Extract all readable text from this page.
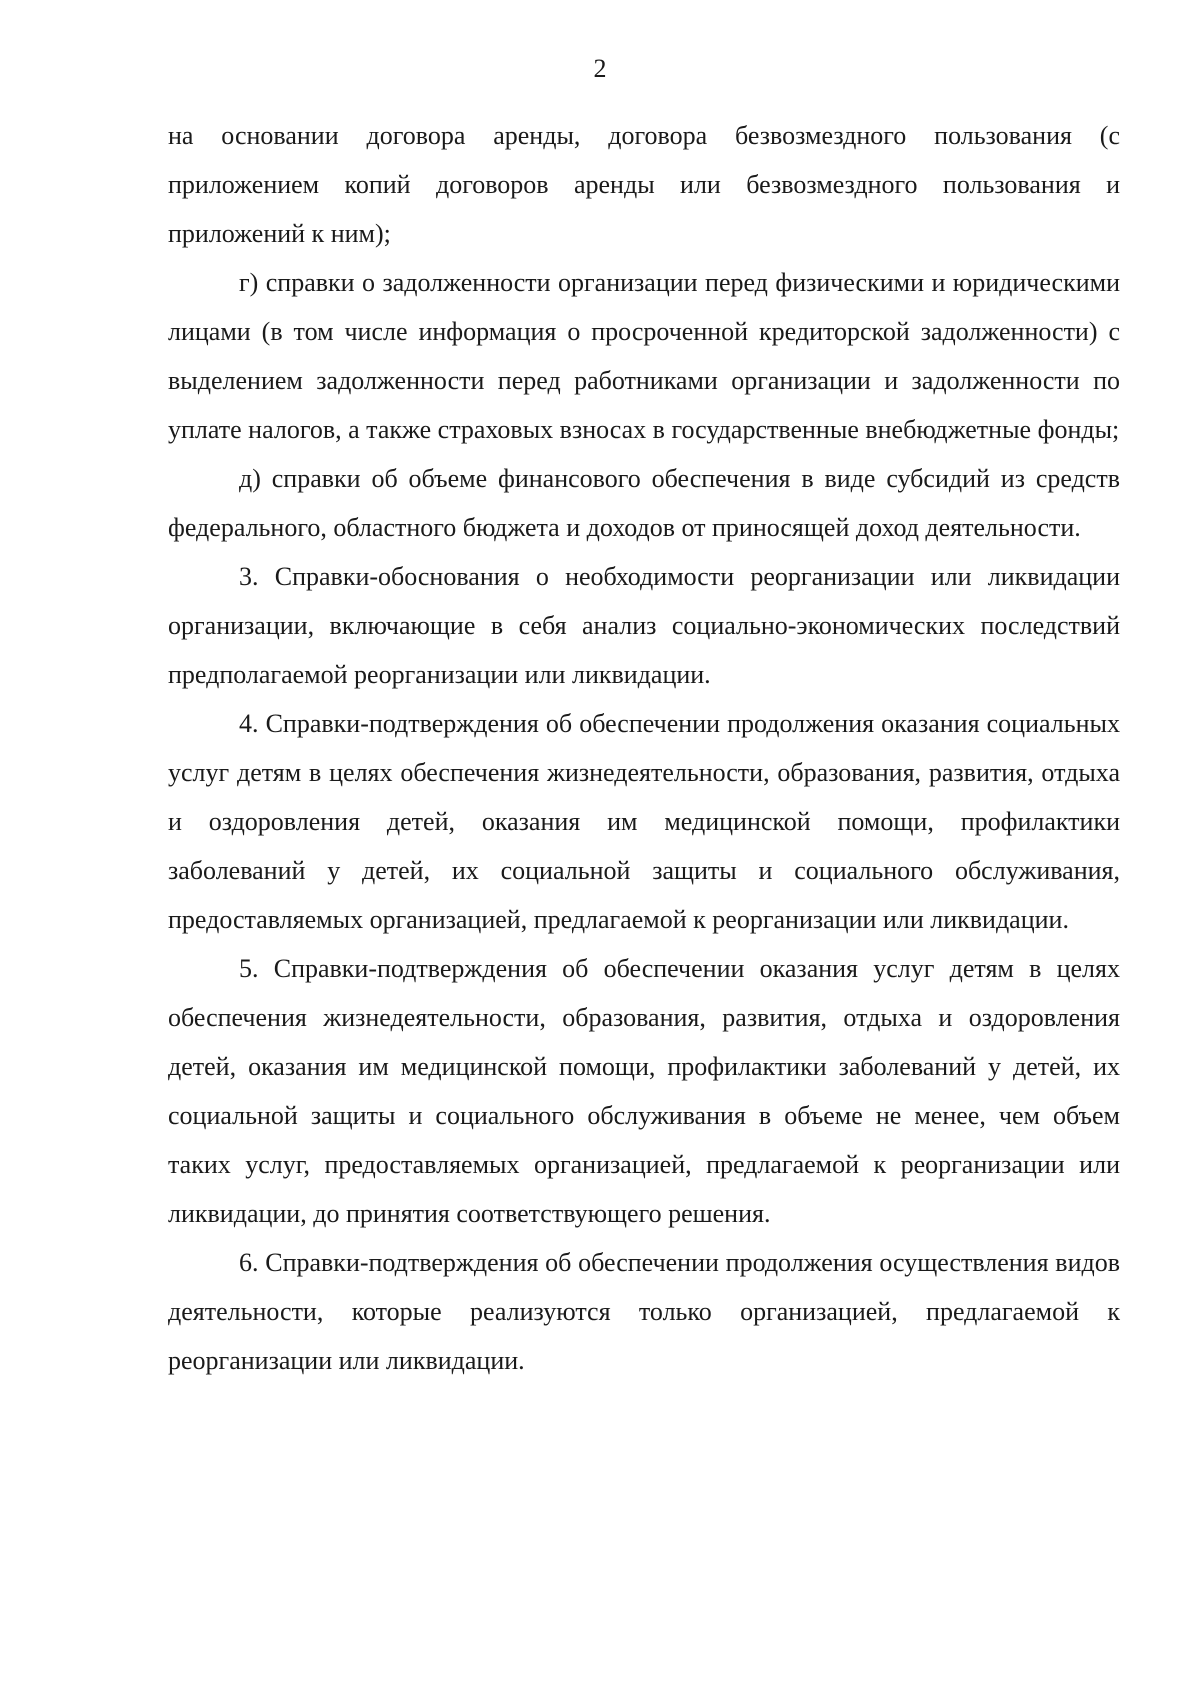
2

на основании договора аренды, договора безвозмездного пользования (с приложением копий договоров аренды или безвозмездного пользования и приложений к ним);

г) справки о задолженности организации перед физическими и юридическими лицами (в том числе информация о просроченной кредиторской задолженности) с выделением задолженности перед работниками организации и задолженности по уплате налогов, а также страховых взносах в государственные внебюджетные фонды;

д) справки об объеме финансового обеспечения в виде субсидий из средств федерального, областного бюджета и доходов от приносящей доход деятельности.

3. Справки-обоснования о необходимости реорганизации или ликвидации организации, включающие в себя анализ социально-экономических последствий предполагаемой реорганизации или ликвидации.

4. Справки-подтверждения об обеспечении продолжения оказания социальных услуг детям в целях обеспечения жизнедеятельности, образования, развития, отдыха и оздоровления детей, оказания им медицинской помощи, профилактики заболеваний у детей, их социальной защиты и социального обслуживания, предоставляемых организацией, предлагаемой к реорганизации или ликвидации.

5. Справки-подтверждения об обеспечении оказания услуг детям в целях обеспечения жизнедеятельности, образования, развития, отдыха и оздоровления детей, оказания им медицинской помощи, профилактики заболеваний у детей, их социальной защиты и социального обслуживания в объеме не менее, чем объем таких услуг, предоставляемых организацией, предлагаемой к реорганизации или ликвидации, до принятия соответствующего решения.

6. Справки-подтверждения об обеспечении продолжения осуществления видов деятельности, которые реализуются только организацией, предлагаемой к реорганизации или ликвидации.
